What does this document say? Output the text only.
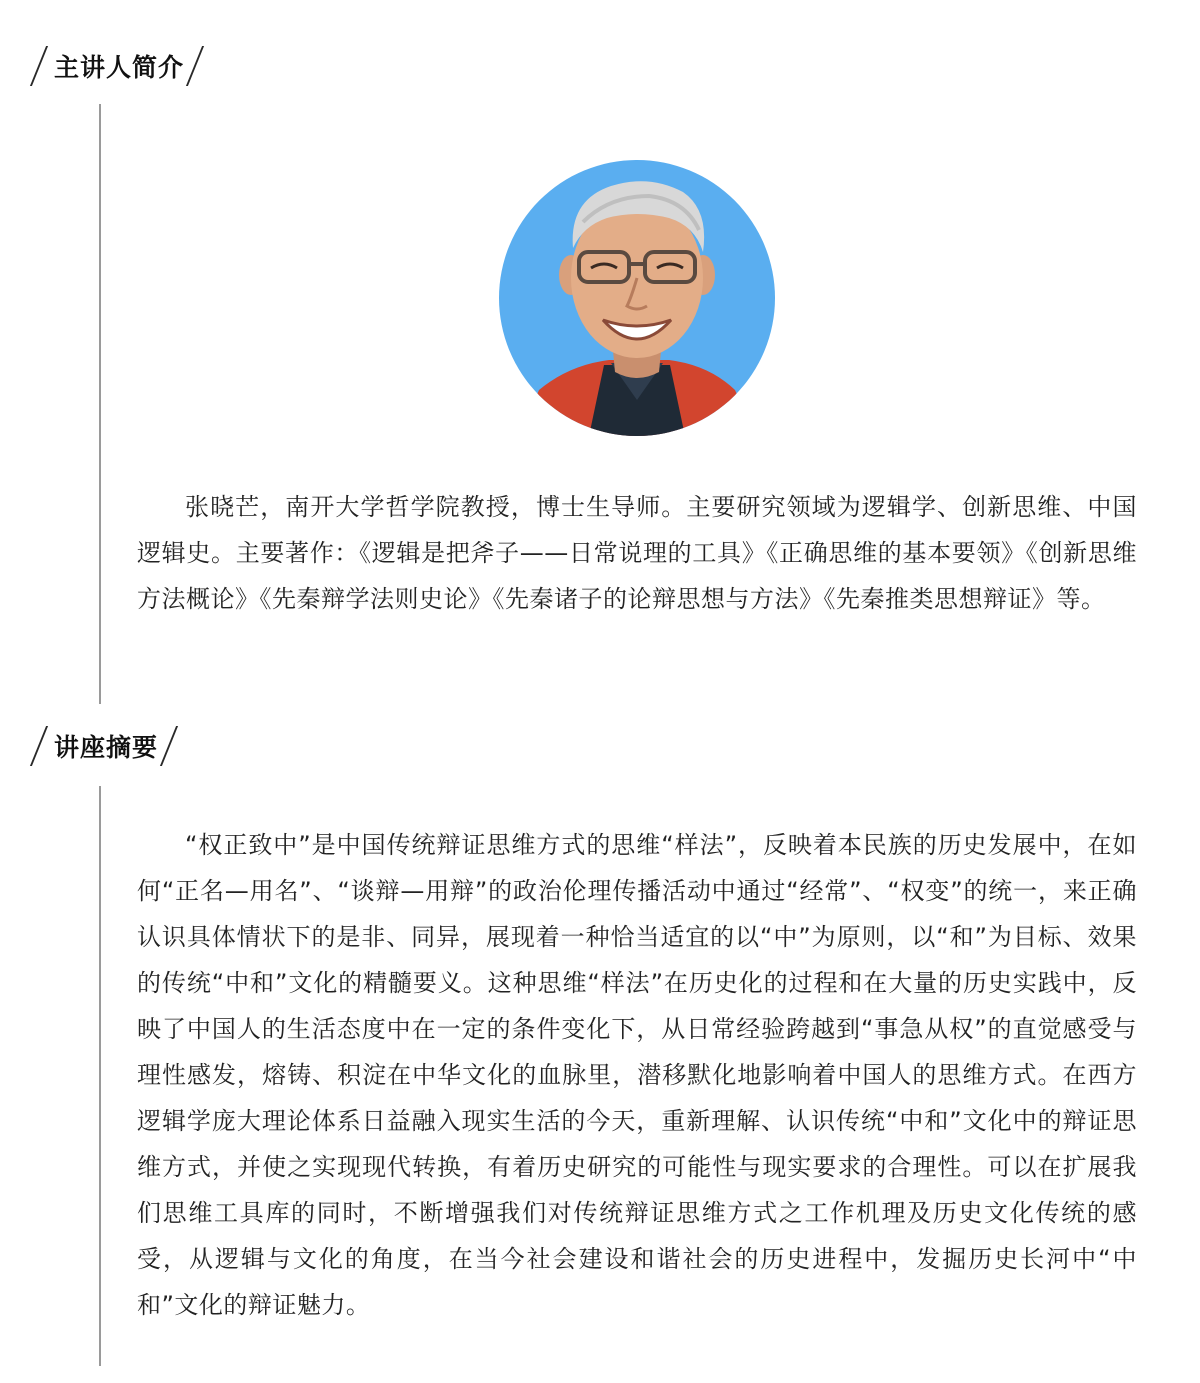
主讲人简介

张晓芒，南开大学哲学院教授，博士生导师。主要研究领域为逻辑学、创新思维、中国逻辑史。主要著作：《逻辑是把斧子——日常说理的工具》《正确思维的基本要领》《创新思维方法概论》《先秦辩学法则史论》《先秦诸子的论辩思想与方法》《先秦推类思想辩证》等。

讲座摘要

“权正致中”是中国传统辩证思维方式的思维“样法”，反映着本民族的历史发展中，在如何“正名—用名”、“谈辩—用辩”的政治伦理传播活动中通过“经常”、“权变”的统一，来正确认识具体情状下的是非、同异，展现着一种恰当适宜的以“中”为原则，以“和”为目标、效果的传统“中和”文化的精髓要义。这种思维“样法”在历史化的过程和在大量的历史实践中，反映了中国人的生活态度中在一定的条件变化下，从日常经验跨越到“事急从权”的直觉感受与理性感发，熔铸、积淀在中华文化的血脉里，潜移默化地影响着中国人的思维方式。在西方逻辑学庞大理论体系日益融入现实生活的今天，重新理解、认识传统“中和”文化中的辩证思维方式，并使之实现现代转换，有着历史研究的可能性与现实要求的合理性。可以在扩展我们思维工具库的同时，不断增强我们对传统辩证思维方式之工作机理及历史文化传统的感受，从逻辑与文化的角度，在当今社会建设和谐社会的历史进程中，发掘历史长河中“中和”文化的辩证魅力。
